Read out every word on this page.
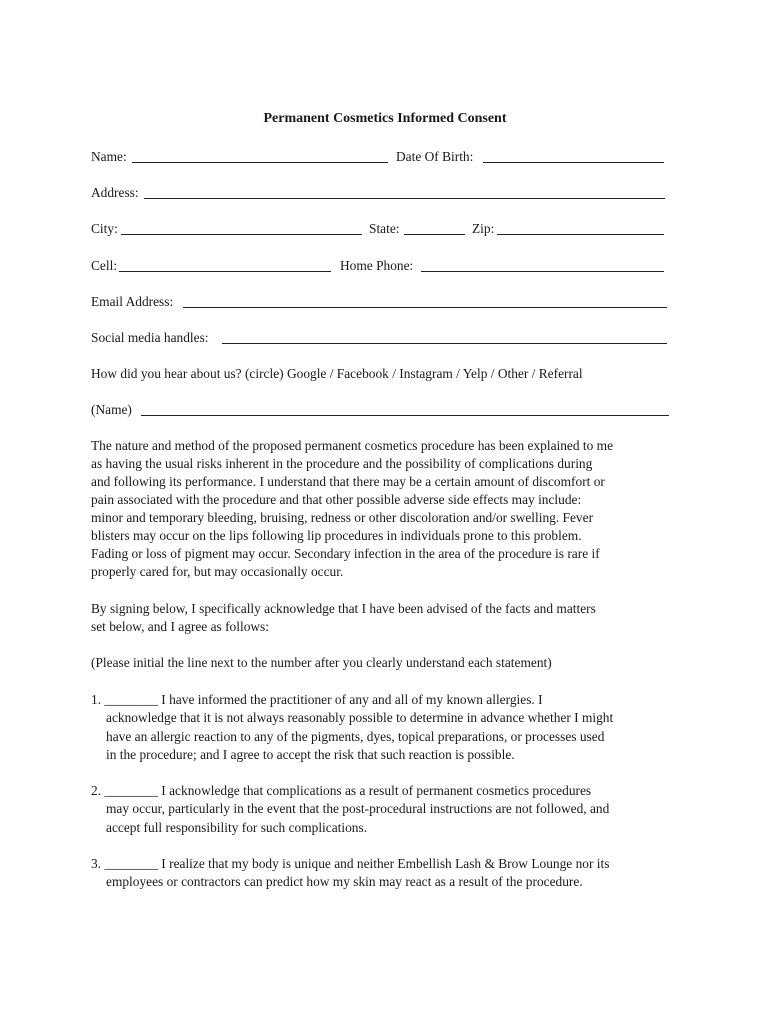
Permanent Cosmetics Informed Consent
Name:	Date Of Birth:
Address:
City:	State:	Zip:
Cell:	Home Phone:
Email Address:
Social media handles:
How did you hear about us? (circle) Google / Facebook / Instagram / Yelp / Other / Referral
(Name)
The nature and method of the proposed permanent cosmetics procedure has been explained to me
as having the usual risks inherent in the procedure and the possibility of complications during
and following its performance. I understand that there may be a certain amount of discomfort or
pain associated with the procedure and that other possible adverse side effects may include:
minor and temporary bleeding, bruising, redness or other discoloration and/or swelling. Fever
blisters may occur on the lips following lip procedures in individuals prone to this problem.
Fading or loss of pigment may occur. Secondary infection in the area of the procedure is rare if
properly cared for, but may occasionally occur.
By signing below, I specifically acknowledge that I have been advised of the facts and matters
set below, and I agree as follows:
(Please initial the line next to the number after you clearly understand each statement)
1. ________ I have informed the practitioner of any and all of my known allergies. I
acknowledge that it is not always reasonably possible to determine in advance whether I might
have an allergic reaction to any of the pigments, dyes, topical preparations, or processes used
in the procedure; and I agree to accept the risk that such reaction is possible.
2. ________ I acknowledge that complications as a result of permanent cosmetics procedures
may occur, particularly in the event that the post-procedural instructions are not followed, and
accept full responsibility for such complications.
3. ________ I realize that my body is unique and neither Embellish Lash & Brow Lounge nor its
employees or contractors can predict how my skin may react as a result of the procedure.
